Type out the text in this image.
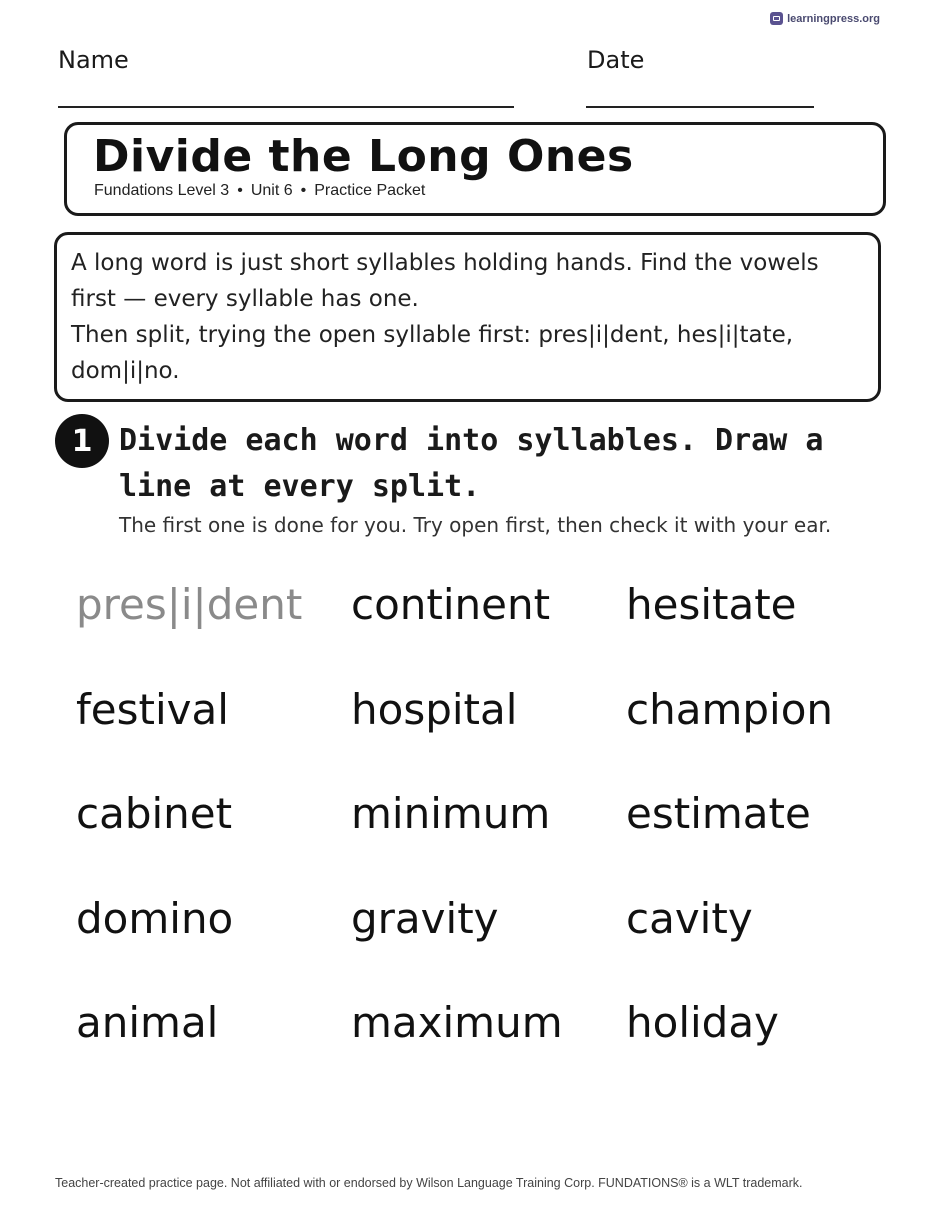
learningpress.org
Name	Date
Divide the Long Ones
Fundations Level 3 • Unit 6 • Practice Packet

A long word is just short syllables holding hands. Find the vowels first — every syllable has one.

Then split, trying the open syllable first: pres|i|dent, hes|i|tate, dom|i|no.

1 Divide each word into syllables. Draw a line at every split.
The first one is done for you. Try open first, then check it with your ear.
pres|i|dent	continent	hesitate
festival	hospital	champion
cabinet	minimum	estimate
domino	gravity	cavity
animal	maximum	holiday
Teacher-created practice page. Not affiliated with or endorsed by Wilson Language Training Corp. FUNDATIONS® is a WLT trademark.
